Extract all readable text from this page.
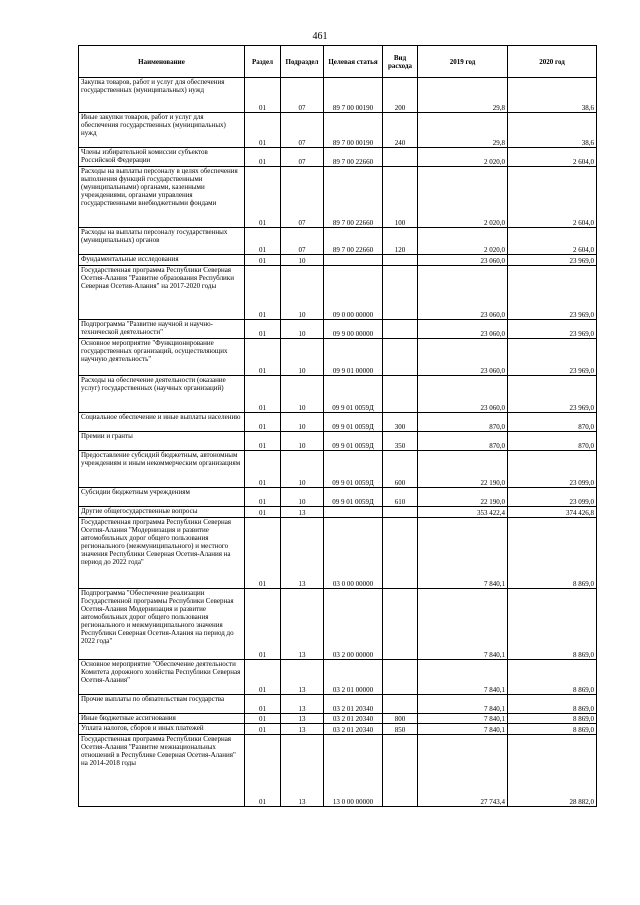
461
Наименование	Раздел	Подраздел	Целевая статья	Вид расхода	2019 год	2020 год
Закупка товаров, работ и услуг для обеспечения государственных (муниципальных) нужд	01	07	89 7 00 00190	200	29,8	38,6
Иные закупки товаров, работ и услуг для обеспечения государственных (муниципальных) нужд	01	07	89 7 00 00190	240	29,8	38,6
Члены избирательной комиссии субъектов Российской Федерации	01	07	89 7 00 22660		2 020,0	2 604,0
Расходы на выплаты персоналу в целях обеспечения выполнения функций государственными (муниципальными) органами, казенными учреждениями, органами управления государственными внебюджетными фондами	01	07	89 7 00 22660	100	2 020,0	2 604,0
Расходы на выплаты персоналу государственных (муниципальных) органов	01	07	89 7 00 22660	120	2 020,0	2 604,0
Фундаментальные исследования	01	10			23 060,0	23 969,0
Государственная программа Республики Северная Осетия-Алания "Развитие образования Республики Северная Осетия-Алания" на 2017-2020 годы	01	10	09 0 00 00000		23 060,0	23 969,0
Подпрограмма "Развитие научной и научно-технической деятельности"	01	10	09 9 00 00000		23 060,0	23 969,0
Основное мероприятие "Функционирование государственных организаций, осуществляющих научную деятельность"	01	10	09 9 01 00000		23 060,0	23 969,0
Расходы на обеспечение деятельности (оказание услуг) государственных (научных организаций)	01	10	09 9 01 0059Д		23 060,0	23 969,0
Социальное обеспечение и иные выплаты населению	01	10	09 9 01 0059Д	300	870,0	870,0
Премии и гранты	01	10	09 9 01 0059Д	350	870,0	870,0
Предоставление субсидий бюджетным, автономным учреждениям и иным некоммерческим организациям	01	10	09 9 01 0059Д	600	22 190,0	23 099,0
Субсидии бюджетным учреждениям	01	10	09 9 01 0059Д	610	22 190,0	23 099,0
Другие общегосударственные вопросы	01	13			353 422,4	374 426,8
Государственная программа Республики Северная Осетия-Алания "Модернизация и развитие автомобильных дорог общего пользования регионального (межмуниципального) и местного значения Республики Северная Осетия-Алания на период до 2022 года"	01	13	03 0 00 00000		7 840,1	8 869,0
Подпрограмма "Обеспечение реализации Государственной программы Республики Северная Осетия-Алания Модернизация и развитие автомобильных дорог общего пользования регионального и межмуниципального значения Республики Северная Осетия-Алания на период до 2022 года"	01	13	03 2 00 00000		7 840,1	8 869,0
Основное мероприятие "Обеспечение деятельности Комитета дорожного хозяйства Республики Северная Осетия-Алания"	01	13	03 2 01 00000		7 840,1	8 869,0
Прочие выплаты по обязательствам государства	01	13	03 2 01 20340		7 840,1	8 869,0
Иные бюджетные ассигнования	01	13	03 2 01 20340	800	7 840,1	8 869,0
Уплата налогов, сборов и иных платежей	01	13	03 2 01 20340	850	7 840,1	8 869,0
Государственная программа Республики Северная Осетия-Алания "Развитие межнациональных отношений в Республике Северная Осетия-Алания" на 2014-2018 годы	01	13	13 0 00 00000		27 743,4	28 882,0
